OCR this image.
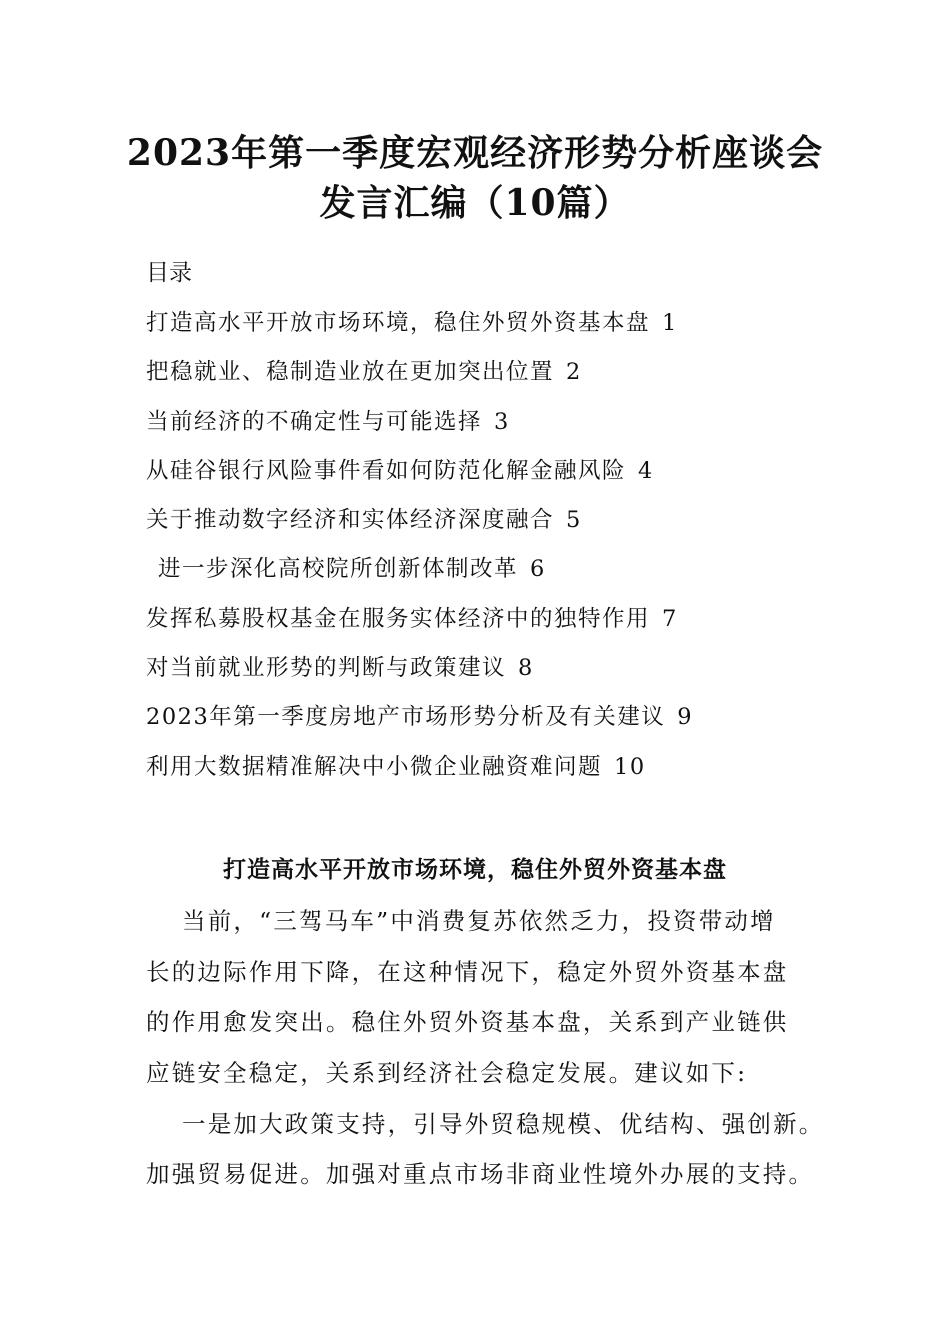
2023年第一季度宏观经济形势分析座谈会
发言汇编（10篇）

目录

打造高水平开放市场环境，稳住外贸外资基本盘 1
把稳就业、稳制造业放在更加突出位置 2
当前经济的不确定性与可能选择 3
从硅谷银行风险事件看如何防范化解金融风险 4
关于推动数字经济和实体经济深度融合 5
进一步深化高校院所创新体制改革 6
发挥私募股权基金在服务实体经济中的独特作用 7
对当前就业形势的判断与政策建议 8
2023年第一季度房地产市场形势分析及有关建议 9
利用大数据精准解决中小微企业融资难问题 10
打造高水平开放市场环境，稳住外贸外资基本盘
当前，“三驾马车”中消费复苏依然乏力，投资带动增
长的边际作用下降，在这种情况下，稳定外贸外资基本盘
的作用愈发突出。稳住外贸外资基本盘，关系到产业链供
应链安全稳定，关系到经济社会稳定发展。建议如下:
一是加大政策支持，引导外贸稳规模、优结构、强创新。
加强贸易促进。加强对重点市场非商业性境外办展的支持。
